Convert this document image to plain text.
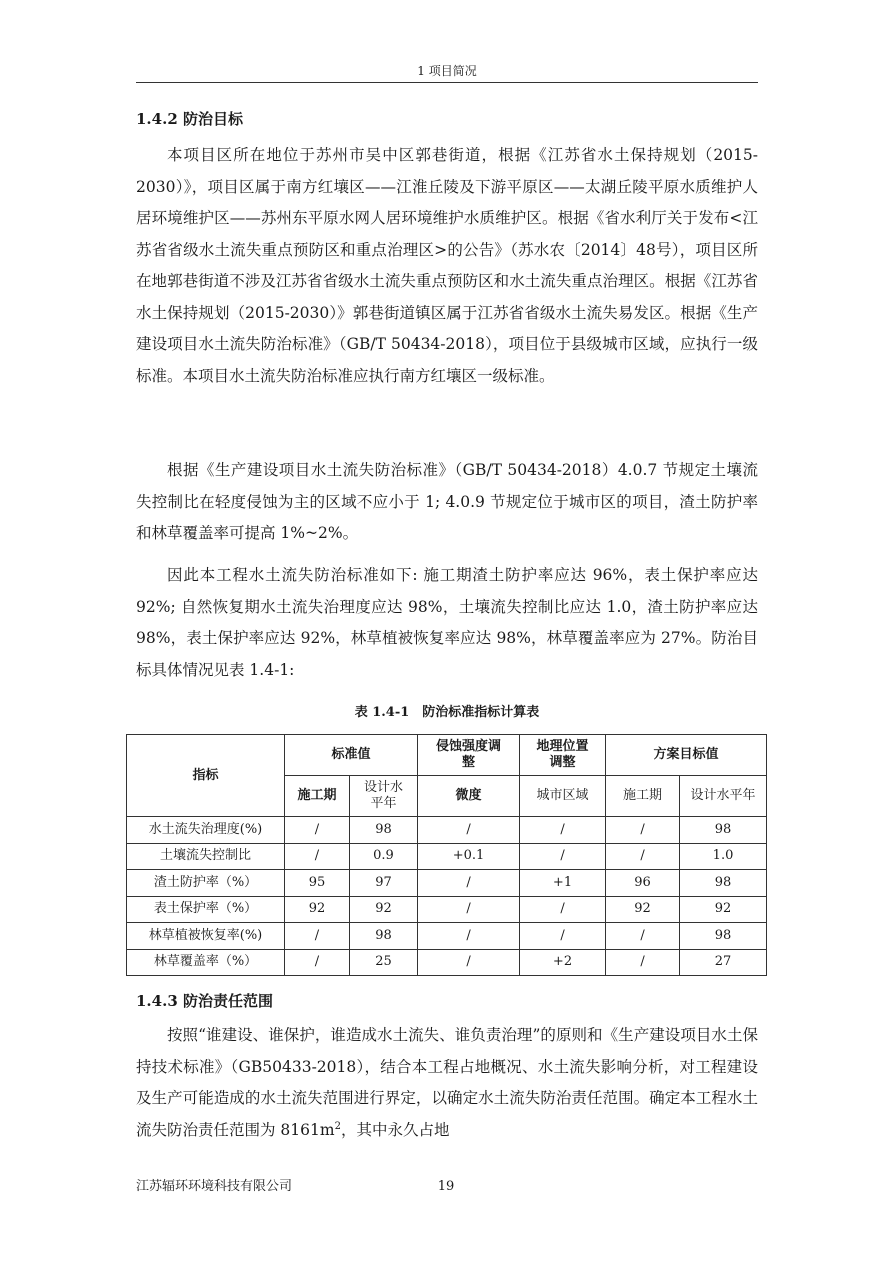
1 项目简况
1.4.2 防治目标

本项目区所在地位于苏州市吴中区郭巷街道，根据《江苏省水土保持规划（2015-2030）》，项目区属于南方红壤区——江淮丘陵及下游平原区——太湖丘陵平原水质维护人居环境维护区——苏州东平原水网人居环境维护水质维护区。根据《省水利厅关于发布<江苏省省级水土流失重点预防区和重点治理区>的公告》（苏水农〔2014〕48号），项目区所在地郭巷街道不涉及江苏省省级水土流失重点预防区和水土流失重点治理区。根据《江苏省水土保持规划（2015-2030）》郭巷街道镇区属于江苏省省级水土流失易发区。根据《生产建设项目水土流失防治标准》（GB/T 50434-2018），项目位于县级城市区域，应执行一级标准。本项目水土流失防治标准应执行南方红壤区一级标准。

根据《生产建设项目水土流失防治标准》（GB/T 50434-2018）4.0.7 节规定土壤流失控制比在轻度侵蚀为主的区域不应小于 1; 4.0.9 节规定位于城市区的项目，渣土防护率和林草覆盖率可提高 1%~2%。

因此本工程水土流失防治标准如下: 施工期渣土防护率应达 96%，表土保护率应达 92%; 自然恢复期水土流失治理度应达 98%，土壤流失控制比应达 1.0，渣土防护率应达 98%，表土保护率应达 92%，林草植被恢复率应达 98%，林草覆盖率应为 27%。防治目标具体情况见表 1.4-1:

表 1.4-1　防治标准指标计算表
指标	标准值		侵蚀强度调整	地理位置调整	方案目标值	
	施工期	设计水平年	微度	城市区域	施工期	设计水平年
水土流失治理度(%)	/	98	/	/	/	98
土壤流失控制比	/	0.9	+0.1	/	/	1.0
渣土防护率（%）	95	97	/	+1	96	98
表土保护率（%）	92	92	/	/	92	92
林草植被恢复率(%)	/	98	/	/	/	98
林草覆盖率（%）	/	25	/	+2	/	27
1.4.3 防治责任范围

按照“谁建设、谁保护，谁造成水土流失、谁负责治理”的原则和《生产建设项目水土保持技术标准》（GB50433-2018），结合本工程占地概况、水土流失影响分析，对工程建设及生产可能造成的水土流失范围进行界定，以确定水土流失防治责任范围。确定本工程水土流失防治责任范围为 $8161m^2$，其中永久占地

江苏辐环环境科技有限公司	19
